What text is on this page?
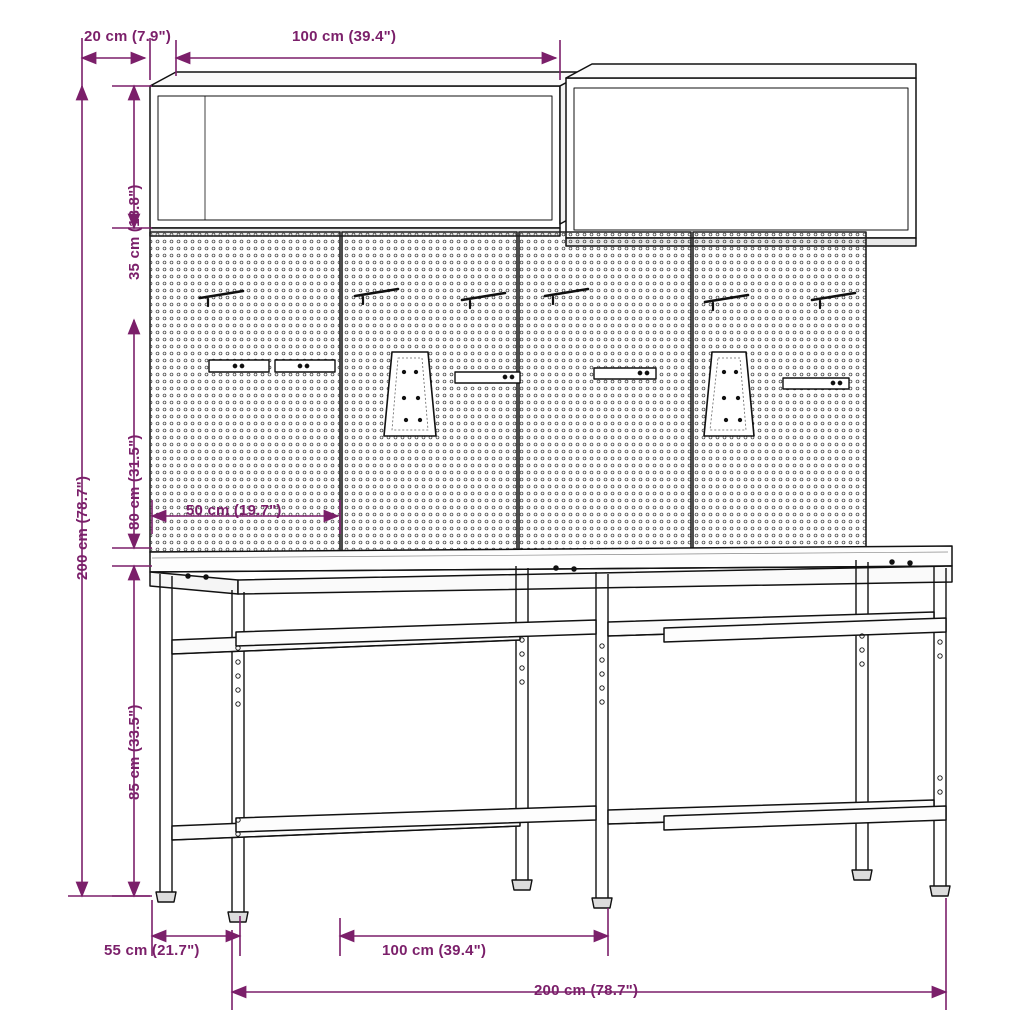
20 cm (7.9")	100 cm (39.4")
35 cm (13.8")
80 cm (31.5")
200 cm (78.7")
85 cm (33.5")
50 cm (19.7")
55 cm (21.7")	100 cm (39.4")
200 cm (78.7")
